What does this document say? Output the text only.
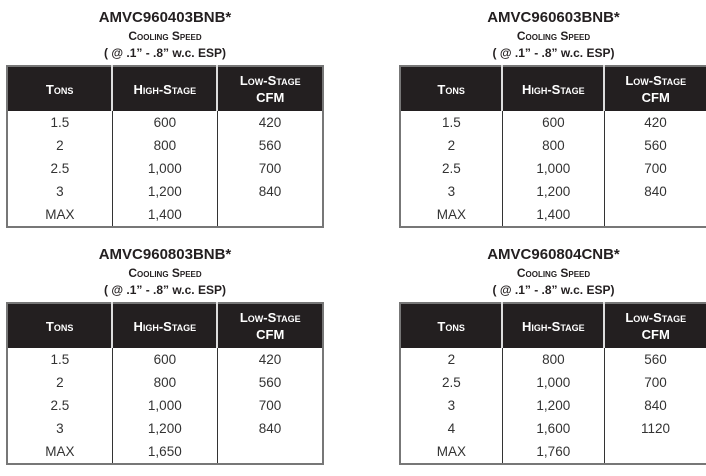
AMVC960403BNB*
Cooling Speed
( @ .1” - .8” w.c. ESP)
Tons	High-Stage	Low-Stage
CFM
1.5	600	420
2	800	560
2.5	1,000	700
3	1,200	840
MAX	1,400	
AMVC960603BNB*
Cooling Speed
( @ .1” - .8” w.c. ESP)
Tons	High-Stage	Low-Stage
CFM
1.5	600	420
2	800	560
2.5	1,000	700
3	1,200	840
MAX	1,400	
AMVC960803BNB*
Cooling Speed
( @ .1” - .8” w.c. ESP)
Tons	High-Stage	Low-Stage
CFM
1.5	600	420
2	800	560
2.5	1,000	700
3	1,200	840
MAX	1,650	
AMVC960804CNB*
Cooling Speed
( @ .1” - .8” w.c. ESP)
Tons	High-Stage	Low-Stage
CFM
2	800	560
2.5	1,000	700
3	1,200	840
4	1,600	1120
MAX	1,760	
